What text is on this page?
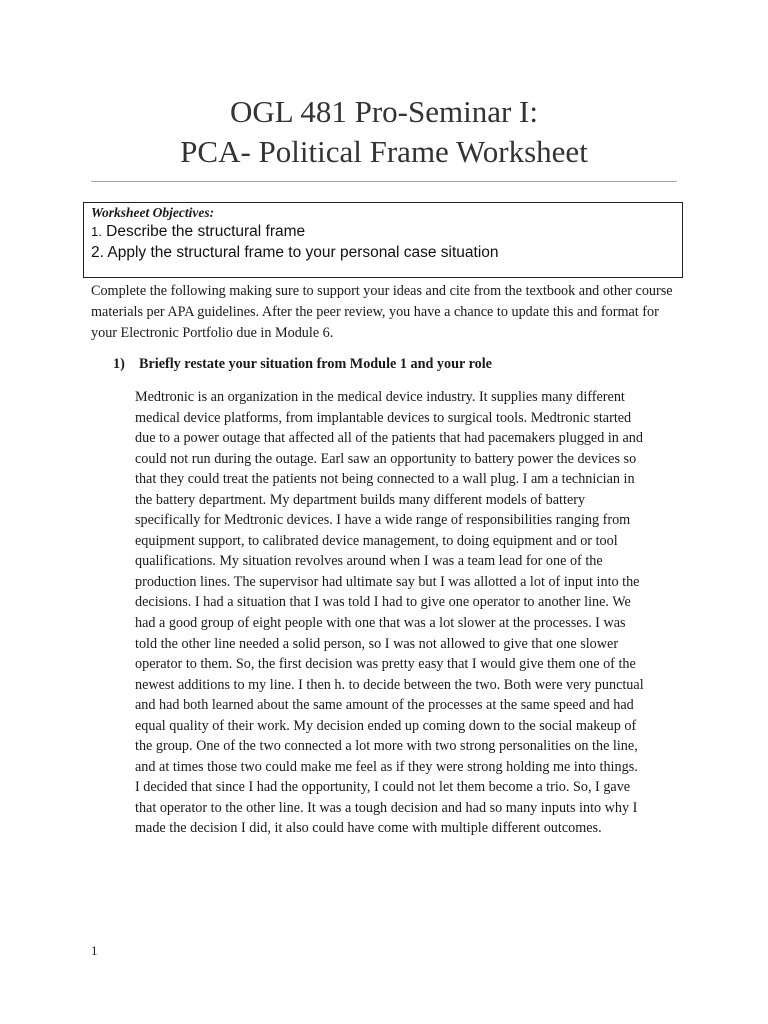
OGL 481 Pro-Seminar I:
PCA- Political Frame Worksheet

Worksheet Objectives:

1. Describe the structural frame

2. Apply the structural frame to your personal case situation

Complete the following making sure to support your ideas and cite from the textbook and other course materials per APA guidelines. After the peer review, you have a chance to update this and format for your Electronic Portfolio due in Module 6.

1) Briefly restate your situation from Module 1 and your role

Medtronic is an organization in the medical device industry. It supplies many different
medical device platforms, from implantable devices to surgical tools. Medtronic started
due to a power outage that affected all of the patients that had pacemakers plugged in and
could not run during the outage. Earl saw an opportunity to battery power the devices so
that they could treat the patients not being connected to a wall plug. I am a technician in
the battery department. My department builds many different models of battery
specifically for Medtronic devices. I have a wide range of responsibilities ranging from
equipment support, to calibrated device management, to doing equipment and or tool
qualifications. My situation revolves around when I was a team lead for one of the
production lines. The supervisor had ultimate say but I was allotted a lot of input into the
decisions. I had a situation that I was told I had to give one operator to another line. We
had a good group of eight people with one that was a lot slower at the processes. I was
told the other line needed a solid person, so I was not allowed to give that one slower
operator to them. So, the first decision was pretty easy that I would give them one of the
newest additions to my line. I then h. to decide between the two. Both were very punctual
and had both learned about the same amount of the processes at the same speed and had
equal quality of their work. My decision ended up coming down to the social makeup of
the group. One of the two connected a lot more with two strong personalities on the line,
and at times those two could make me feel as if they were strong holding me into things.
I decided that since I had the opportunity, I could not let them become a trio. So, I gave
that operator to the other line. It was a tough decision and had so many inputs into why I
made the decision I did, it also could have come with multiple different outcomes.

1
